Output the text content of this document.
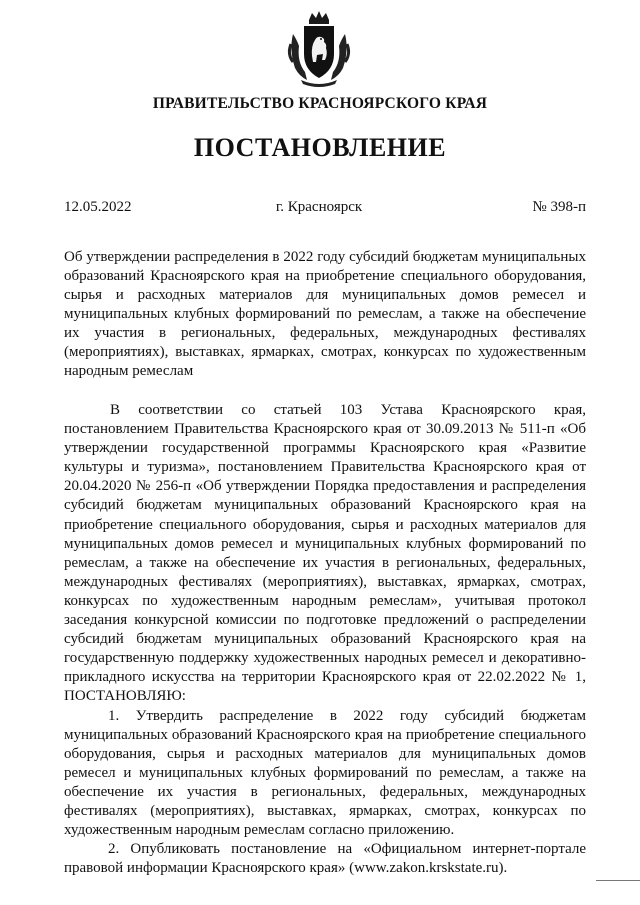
ПРАВИТЕЛЬСТВО КРАСНОЯРСКОГО КРАЯ
ПОСТАНОВЛЕНИЕ
12.05.2022	г. Красноярск	№ 398-п
Об утверждении распределения в 2022 году субсидий бюджетам муниципальных образований Красноярского края на приобретение специального оборудования, сырья и расходных материалов для муниципальных домов ремесел и муниципальных клубных формирований по ремеслам, а также на обеспечение их участия в региональных, федеральных, международных фестивалях (мероприятиях), выставках, ярмарках, смотрах, конкурсах по художественным народным ремеслам

В соответствии со статьей 103 Устава Красноярского края, постановлением Правительства Красноярского края от 30.09.2013 № 511-п «Об утверждении государственной программы Красноярского края «Развитие культуры и туризма», постановлением Правительства Красноярского края от 20.04.2020 № 256-п «Об утверждении Порядка предоставления и распределения субсидий бюджетам муниципальных образований Красноярского края на приобретение специального оборудования, сырья и расходных материалов для муниципальных домов ремесел и муниципальных клубных формирований по ремеслам, а также на обеспечение их участия в региональных, федеральных, международных фестивалях (мероприятиях), выставках, ярмарках, смотрах, конкурсах по художественным народным ремеслам», учитывая протокол заседания конкурсной комиссии по подготовке предложений о распределении субсидий бюджетам муниципальных образований Красноярского края на государственную поддержку художественных народных ремесел и декоративно-прикладного искусства на территории Красноярского края от 22.02.2022 № 1, ПОСТАНОВЛЯЮ:

1. Утвердить распределение в 2022 году субсидий бюджетам муниципальных образований Красноярского края на приобретение специального оборудования, сырья и расходных материалов для муниципальных домов ремесел и муниципальных клубных формирований по ремеслам, а также на обеспечение их участия в региональных, федеральных, международных фестивалях (мероприятиях), выставках, ярмарках, смотрах, конкурсах по художественным народным ремеслам согласно приложению.

2. Опубликовать постановление на «Официальном интернет-портале правовой информации Красноярского края» (www.zakon.krskstate.ru).
